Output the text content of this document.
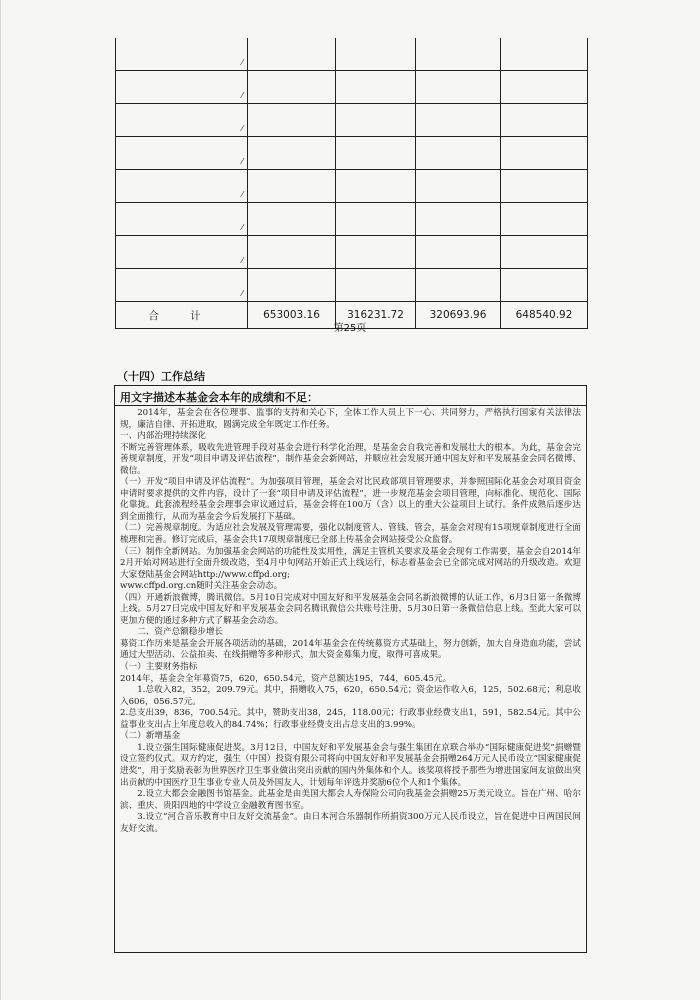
⁄				

⁄				

⁄				

⁄				

⁄				

⁄				

⁄				

⁄				

合 计	653003.16	316231.72	320693.96	648540.92
第25页
（十四）工作总结
用文字描述本基金会本年的成绩和不足：

2014年，基金会在各位理事、监事的支持和关心下，全体工作人员上下一心、共同努力，严格执行国家有关法律法规，廉洁自律、开拓进取，圆满完成全年既定工作任务。

一、内部治理持续深化

不断完善管理体系，吸收先进管理手段对基金会进行科学化治理，是基金会自我完善和发展壮大的根本。为此，基金会完善规章制度，开发“项目申请及评估流程”，制作基金会新网站，并顺应社会发展开通中国友好和平发展基金会同名微博、微信。

（一）开发“项目申请及评估流程”。为加强项目管理，基金会对比民政部项目管理要求，并参照国际化基金会对项目资金申请时要求提供的文件内容，设计了一套“项目申请及评估流程”，进一步规范基金会项目管理，向标准化、规范化、国际化靠拢。此套流程经基金会理事会审议通过后，基金会将在100万（含）以上的重大公益项目上试行。条件成熟后逐步达到全面推行，从而为基金会今后发展打下基础。

（二）完善规章制度。为适应社会发展及管理需要，强化以制度管人、管钱、管会，基金会对现有15项规章制度进行全面梳理和完善。修订完成后，基金会共17项规章制度已全部上传基金会网站接受公众监督。

（三）制作全新网站。为加强基金会网站的功能性及实用性，满足主管机关要求及基金会现有工作需要，基金会自2014年2月开始对网站进行全面升级改造，至4月中旬网站开始正式上线运行，标志着基金会已全部完成对网站的升级改造。欢迎大家登陆基金会网站http://www.cffpd.org;

www.cffpd.org.cn随时关注基金会动态。

（四）开通新浪微博，腾讯微信。5月10日完成对中国友好和平发展基金会同名新浪微博的认证工作，6月3日第一条微博上线。5月27日完成中国友好和平发展基金会同名腾讯微信公共账号注册，5月30日第一条微信信息上线。至此大家可以更加方便的通过多种方式了解基金会动态。

二、资产总额稳步增长

募资工作历来是基金会开展各项活动的基础，2014年基金会在传统募资方式基础上，努力创新，加大自身造血功能，尝试通过大型活动、公益拍卖、在线捐赠等多种形式，加大资金募集力度，取得可喜成果。

（一）主要财务指标

2014年，基金会全年募资75，620，650.54元，资产总额达195，744，605.45元。

1.总收入82，352，209.79元。其中，捐赠收入75，620，650.54元；资金运作收入6，125，502.68元；利息收入606，056.57元。

2.总支出39，836，700.54元。其中，赞助支出38，245，118.00元；行政事业经费支出1，591，582.54元。其中公益事业支出占上年度总收入的84.74%；行政事业经费支出占总支出的3.99%。

（二）新增基金

1.设立强生国际健康促进奖。3月12日，中国友好和平发展基金会与强生集团在京联合举办“国际健康促进奖”捐赠暨设立签约仪式。双方约定，强生（中国）投资有限公司将向中国友好和平发展基金会捐赠264万元人民币设立“国家健康促进奖”，用于奖励表彰为世界医疗卫生事业做出突出贡献的国内外集体和个人。该奖项将授予那些为增进国家间友谊做出突出贡献的中国医疗卫生事业专业人员及外国友人，计划每年评选并奖励6位个人和1个集体。

2.设立大都会金融图书馆基金。此基金是由美国大都会人寿保险公司向我基金会捐赠25万美元设立。旨在广州、哈尔滨、重庆、贵阳四地的中学设立金融教育图书室。

3.设立“河合音乐教育中日友好交流基金”。由日本河合乐器制作所捐资300万元人民币设立，旨在促进中日两国民间友好交流。
